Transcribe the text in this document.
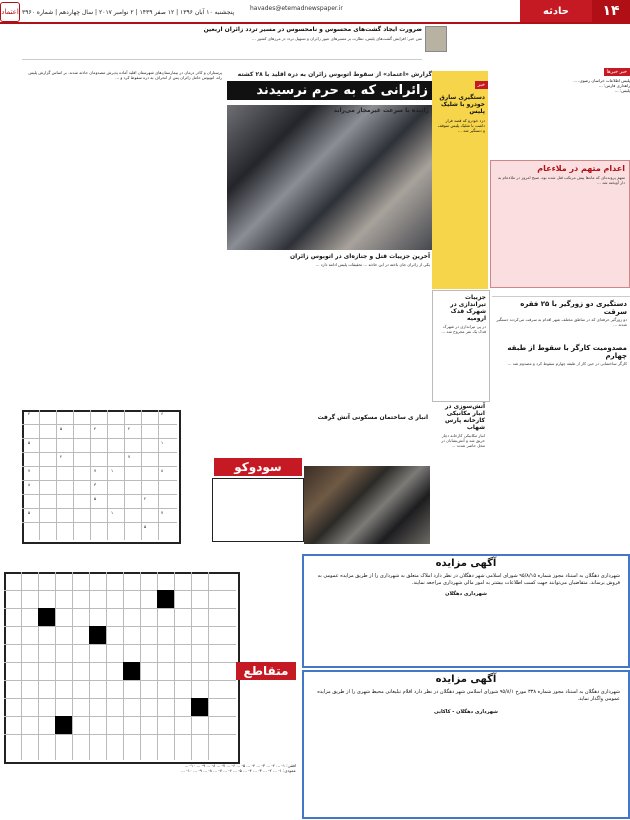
۱۴
حادثه
havades@etemadnewspaper.ir
پنجشنبه ۱۰ آبان ۱۳۹۶ | ۱۲ صفر ۱۴۳۹ | ۲ نوامبر ۲۰۱۷ | سال چهاردهم | شماره ۳۹۶۰
اعتماد
ضرورت ایجاد گشت‌های محسوس و نامحسوس در مسیر تردد زائران اربعین
متن خبر: افزایش گشت‌های پلیس، نظارت بر مسیرهای عبور زائران و تسهیل تردد در مرزهای کشور ...
خبر خبرها
پلیس اطلاعات خراسان رضوی، ...
راهداری فارس: ...
پلیس: ...
اعدام متهم در ملاءعام
متهم پرونده‌ای که ماه‌ها پیش مرتکب قتل شده بود، صبح امروز در ملاءعام به دار آویخته شد ...
دستگیری دو زورگیر با ۲۵ فقره سرقت
دو زورگیر حرفه‌ای که در مناطق مختلف شهر اقدام به سرقت می‌کردند دستگیر شدند ...
مصدومیت کارگر با سقوط از طبقه چهارم
کارگر ساختمانی در حین کار از طبقه چهارم سقوط کرد و مصدوم شد ...
خبر
دستگیری سارق خودرو با شلیک پلیس
دزد خودرو که قصد فرار داشت با شلیک پلیس متوقف و دستگیر شد ...
جزییات تیراندازی در شهرک قدک ارومیه
در پی تیراندازی در شهرک قدک یک نفر مجروح شد ...
آتش‌سوزی در انبار مکانیکی کارخانه پارس شهاب
انبار مکانیکی کارخانه دچار حریق شد و آتش‌نشانان در محل حاضر شدند ...
گزارش «اعتماد» از سقوط اتوبوس زائران به دره اقلید با ۲۸ کشته
زائرانی که به حرم نرسیدند
راننده با سرعت غیرمجاز می‌راند
پرستاران و کادر درمان در بیمارستان‌های شهرستان اقلید آماده پذیرش مصدومان حادثه شدند. بر اساس گزارش پلیس راه، اتوبوس حامل زائران پس از انحراف به دره سقوط کرد و ...
آخرین جزییات قتل و جنازه‌ای در اتوبوس زائران
یکی از زائران جان باخته در این حادثه ... تحقیقات پلیس ادامه دارد ...
انبار ی ساختمان مسکونی آتش گرفت
سودوکو
۴	۶
۵	۴	۲
۵	۱
۲	۷
۷	۷	۱	۸
۳
۸
۲
۵
۷
۱
۵
۵
متقاطع
آگهی مزایده
شهرداری دهگلان به استناد مجوز شماره ۹۵/۸/۱۵ شورای اسلامی شهر دهگلان در نظر دارد املاک متعلق به شهرداری را از طریق مزایده عمومی به فروش برساند. متقاضیان می‌توانند جهت کسب اطلاعات بیشتر به امور مالی شهرداری مراجعه نمایند.
شهرداری دهگلان
آگهی مزایده
شهرداری دهگلان به استناد مجوز شماره ۳۳۸ مورخ ۹۵/۸/۱ شورای اسلامی شهر دهگلان در نظر دارد اقلام تبلیغاتی محیط شهری را از طریق مزایده عمومی واگذار نماید.
شهرداری دهگلان - کاکایی
افقی: ۱- ... ۲- ... ۳- ... ۴- ... ۵- ... ۶- ... ۷- ... ۸- ... ۹- ... ۱۰- ...
عمودی: ۱- ... ۲- ... ۳- ... ۴- ... ۵- ... ۶- ... ۷- ... ۸- ... ۹- ... ۱۰- ...
